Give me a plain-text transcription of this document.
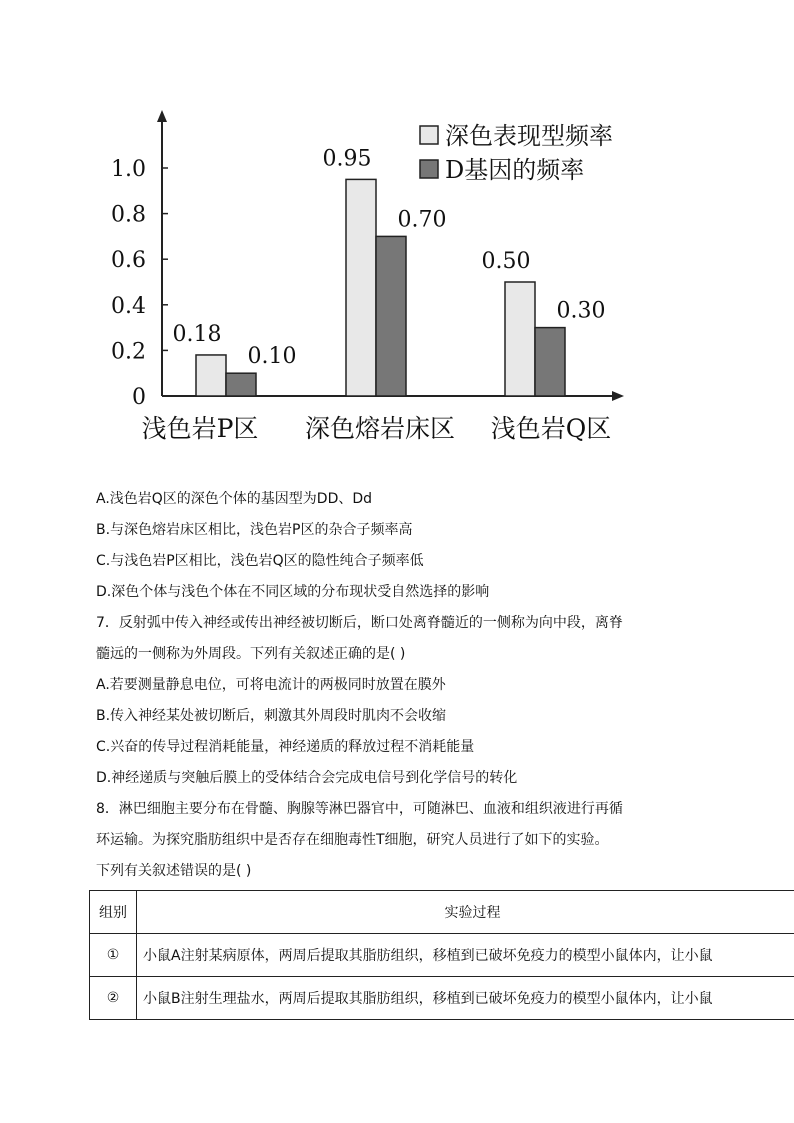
0
0.2
0.4
0.6
0.8
1.0
0.18
0.10
0.95
0.70
0.50
0.30
浅色岩P区 深色熔岩床区 浅色岩Q区
深色表现型频率
D基因的频率
A.浅色岩Q区的深色个体的基因型为DD、Dd
B.与深色熔岩床区相比，浅色岩P区的杂合子频率高
C.与浅色岩P区相比，浅色岩Q区的隐性纯合子频率低
D.深色个体与浅色个体在不同区域的分布现状受自然选择的影响
7．反射弧中传入神经或传出神经被切断后，断口处离脊髓近的一侧称为向中段，离脊
髓远的一侧称为外周段。下列有关叙述正确的是( )
A.若要测量静息电位，可将电流计的两极同时放置在膜外
B.传入神经某处被切断后，刺激其外周段时肌肉不会收缩
C.兴奋的传导过程消耗能量，神经递质的释放过程不消耗能量
D.神经递质与突触后膜上的受体结合会完成电信号到化学信号的转化
8．淋巴细胞主要分布在骨髓、胸腺等淋巴器官中，可随淋巴、血液和组织液进行再循
环运输。为探究脂肪组织中是否存在细胞毒性T细胞，研究人员进行了如下的实验。
下列有关叙述错误的是( )
组别	实验过程
①	小鼠A注射某病原体，两周后提取其脂肪组织，移植到已破坏免疫力的模型小鼠体内，让小鼠
②	小鼠B注射生理盐水，两周后提取其脂肪组织，移植到已破坏免疫力的模型小鼠体内，让小鼠
